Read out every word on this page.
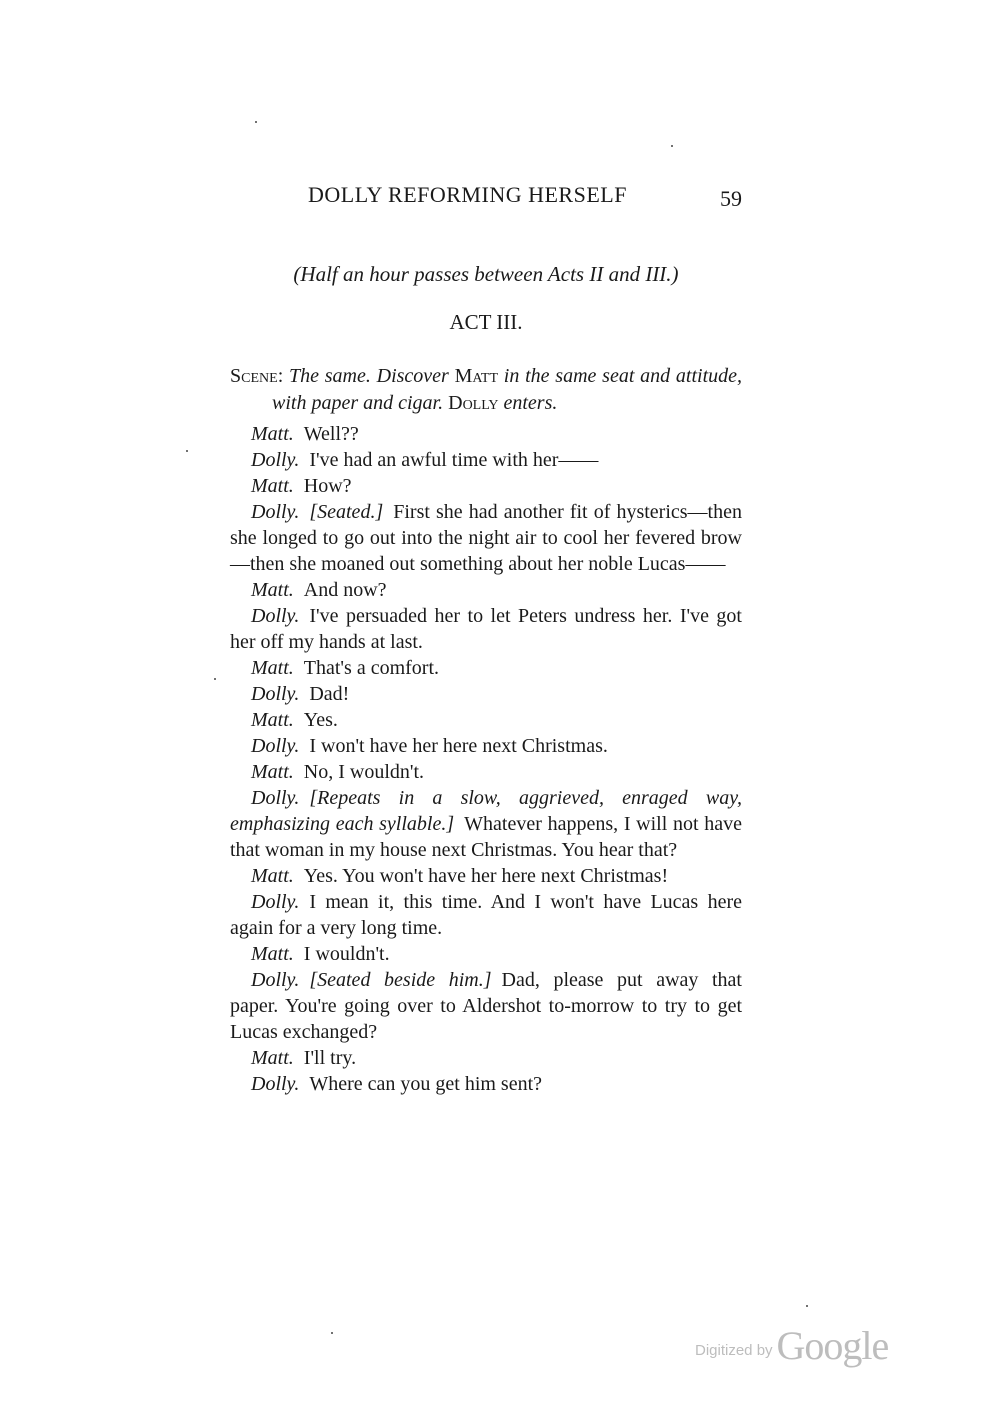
DOLLY REFORMING HERSELF	59
(Half an hour passes between Acts II and III.)
ACT III.
Scene: The same. Discover Matt in the same seat and attitude, with paper and cigar. Dolly enters.

Matt.  Well??

Dolly.  I've had an awful time with her——

Matt.  How?

Dolly.  [Seated.]  First she had another fit of hysterics—then she longed to go out into the night air to cool her fevered brow—then she moaned out something about her noble Lucas——

Matt.  And now?

Dolly.  I've persuaded her to let Peters undress her. I've got her off my hands at last.

Matt.  That's a comfort.

Dolly.  Dad!

Matt.  Yes.

Dolly.  I won't have her here next Christmas.

Matt.  No, I wouldn't.

Dolly.  [Repeats in a slow, aggrieved, enraged way, emphasizing each syllable.]  Whatever happens, I will not have that woman in my house next Christmas. You hear that?

Matt.  Yes. You won't have her here next Christmas!

Dolly.  I mean it, this time. And I won't have Lucas here again for a very long time.

Matt.  I wouldn't.

Dolly.  [Seated beside him.]  Dad, please put away that paper. You're going over to Aldershot to-morrow to try to get Lucas exchanged?

Matt.  I'll try.

Dolly.  Where can you get him sent?

Digitized by Google
